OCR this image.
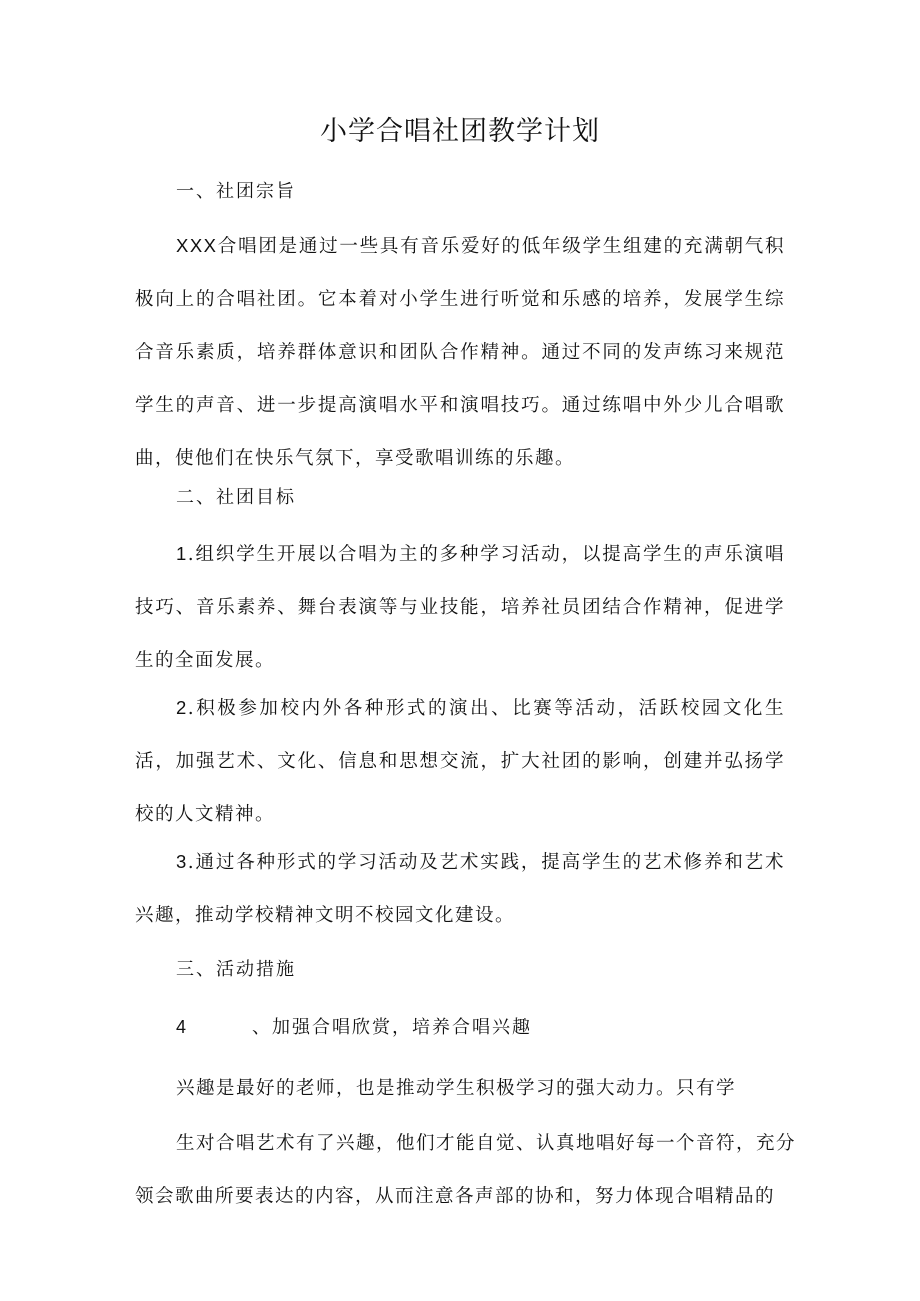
小学合唱社团教学计划
一、社团宗旨

XXX合唱团是通过一些具有音乐爱好的低年级学生组建的充满朝气积极向上的合唱社团。它本着对小学生进行听觉和乐感的培养，发展学生综合音乐素质，培养群体意识和团队合作精神。通过不同的发声练习来规范学生的声音、进一步提高演唱水平和演唱技巧。通过练唱中外少儿合唱歌曲，使他们在快乐气氛下，享受歌唱训练的乐趣。

二、社团目标

1.组织学生开展以合唱为主的多种学习活动，以提高学生的声乐演唱技巧、音乐素养、舞台表演等与业技能，培养社员团结合作精神，促进学生的全面发展。

2.积极参加校内外各种形式的演出、比赛等活动，活跃校园文化生活，加强艺术、文化、信息和思想交流，扩大社团的影响，创建并弘扬学校的人文精神。

3.通过各种形式的学习活动及艺术实践，提高学生的艺术修养和艺术兴趣，推动学校精神文明不校园文化建设。

三、活动措施
4	、加强合唱欣赏，培养合唱兴趣
兴趣是最好的老师，也是推动学生积极学习的强大动力。只有学
生对合唱艺术有了兴趣，他们才能自觉、认真地唱好每一个音符，充分
领会歌曲所要表达的内容，从而注意各声部的协和，努力体现合唱精品的
